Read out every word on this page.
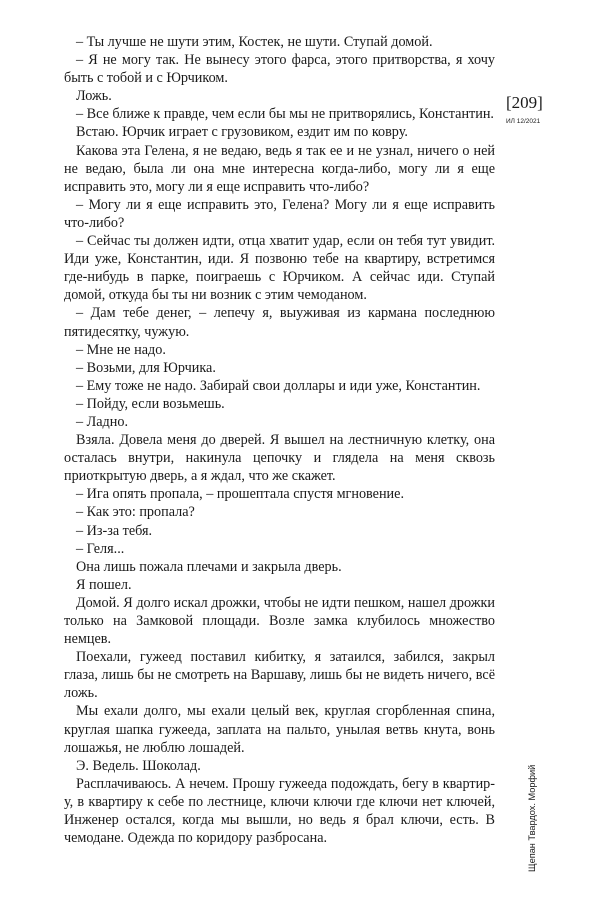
– Ты лучше не шути этим, Костек, не шути. Ступай домой.

– Я не могу так. Не вынесу этого фарса, этого притворства, я хочу быть с тобой и с Юрчиком.

Ложь.

– Все ближе к правде, чем если бы мы не притворялись, Константин.

Встаю. Юрчик играет с грузовиком, ездит им по ковру.

Какова эта Гелена, я не ведаю, ведь я так ее и не узнал, ничего о ней не ведаю, была ли она мне интересна когда-либо, могу ли я еще исправить это, могу ли я еще исправить что-либо?

– Могу ли я еще исправить это, Гелена? Могу ли я еще исправить что-либо?

– Сейчас ты должен идти, отца хватит удар, если он тебя тут увидит. Иди уже, Константин, иди. Я позвоню тебе на квартиру, встретимся где-нибудь в парке, поиграешь с Юрчиком. А сейчас иди. Ступай домой, откуда бы ты ни возник с этим чемоданом.

– Дам тебе денег, – лепечу я, выуживая из кармана последнюю пятидесятку, чужую.

– Мне не надо.

– Возьми, для Юрчика.

– Ему тоже не надо. Забирай свои доллары и иди уже, Константин.

– Пойду, если возьмешь.

– Ладно.

Взяла. Довела меня до дверей. Я вышел на лестничную клетку, она осталась внутри, накинула цепочку и глядела на меня сквозь приоткрытую дверь, а я ждал, что же скажет.

– Ига опять пропала, – прошептала спустя мгновение.

– Как это: пропала?

– Из-за тебя.

– Геля...

Она лишь пожала плечами и закрыла дверь.

Я пошел.

Домой. Я долго искал дрожки, чтобы не идти пешком, нашел дрожки только на Замковой площади. Возле замка клубилось множество немцев.

Поехали, гужеед поставил кибитку, я затаился, забился, закрыл глаза, лишь бы не смотреть на Варшаву, лишь бы не видеть ничего, всё ложь.

Мы ехали долго, мы ехали целый век, круглая сгорбленная спина, круглая шапка гужееда, заплата на пальто, унылая ветвь кнута, вонь лошажья, не люблю лошадей.

Э. Ведель. Шоколад.

Расплачиваюсь. А нечем. Прошу гужееда подождать, бегу в квартиру, в квартиру к себе по лестнице, ключи ключи где ключи нет ключей, Инженер остался, когда мы вышли, но ведь я брал ключи, есть. В чемодане. Одежда по коридору разбросана.

[209]
ИЛ 12/2021
Щепан Твардох. Морфий
